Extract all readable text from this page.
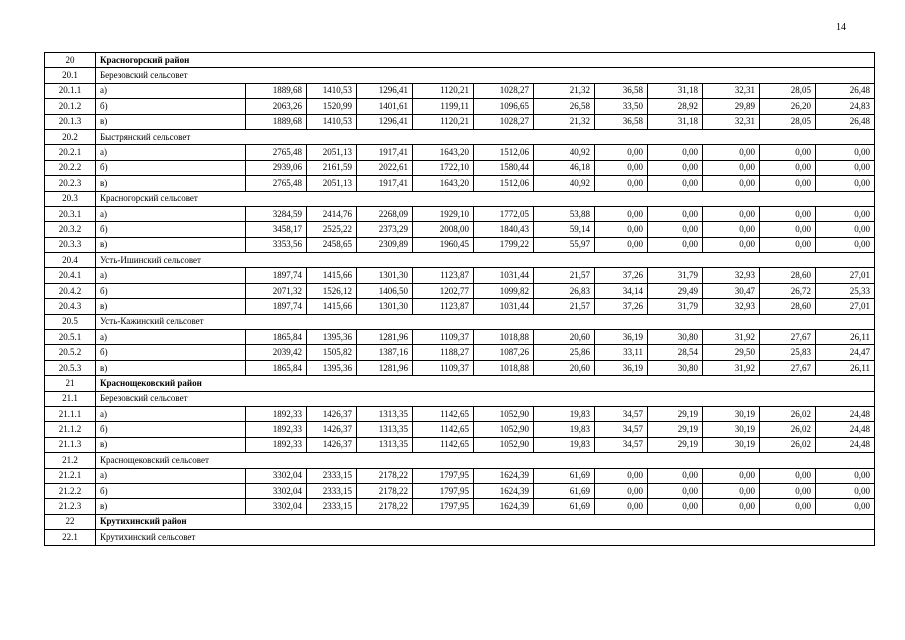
14
20	Красногорский район											
20.1	Березовский сельсовет											
20.1.1	а)	1889,68	1410,53	1296,41	1120,21	1028,27	21,32	36,58	31,18	32,31	28,05	26,48
20.1.2	б)	2063,26	1520,99	1401,61	1199,11	1096,65	26,58	33,50	28,92	29,89	26,20	24,83
20.1.3	в)	1889,68	1410,53	1296,41	1120,21	1028,27	21,32	36,58	31,18	32,31	28,05	26,48
20.2	Быстрянский сельсовет											
20.2.1	а)	2765,48	2051,13	1917,41	1643,20	1512,06	40,92	0,00	0,00	0,00	0,00	0,00
20.2.2	б)	2939,06	2161,59	2022,61	1722,10	1580,44	46,18	0,00	0,00	0,00	0,00	0,00
20.2.3	в)	2765,48	2051,13	1917,41	1643,20	1512,06	40,92	0,00	0,00	0,00	0,00	0,00
20.3	Красногорский сельсовет											
20.3.1	а)	3284,59	2414,76	2268,09	1929,10	1772,05	53,88	0,00	0,00	0,00	0,00	0,00
20.3.2	б)	3458,17	2525,22	2373,29	2008,00	1840,43	59,14	0,00	0,00	0,00	0,00	0,00
20.3.3	в)	3353,56	2458,65	2309,89	1960,45	1799,22	55,97	0,00	0,00	0,00	0,00	0,00
20.4	Усть-Ишинский сельсовет											
20.4.1	а)	1897,74	1415,66	1301,30	1123,87	1031,44	21,57	37,26	31,79	32,93	28,60	27,01
20.4.2	б)	2071,32	1526,12	1406,50	1202,77	1099,82	26,83	34,14	29,49	30,47	26,72	25,33
20.4.3	в)	1897,74	1415,66	1301,30	1123,87	1031,44	21,57	37,26	31,79	32,93	28,60	27,01
20.5	Усть-Кажинский сельсовет											
20.5.1	а)	1865,84	1395,36	1281,96	1109,37	1018,88	20,60	36,19	30,80	31,92	27,67	26,11
20.5.2	б)	2039,42	1505,82	1387,16	1188,27	1087,26	25,86	33,11	28,54	29,50	25,83	24,47
20.5.3	в)	1865,84	1395,36	1281,96	1109,37	1018,88	20,60	36,19	30,80	31,92	27,67	26,11
21	Краснощековский район											
21.1	Березовский сельсовет											
21.1.1	а)	1892,33	1426,37	1313,35	1142,65	1052,90	19,83	34,57	29,19	30,19	26,02	24,48
21.1.2	б)	1892,33	1426,37	1313,35	1142,65	1052,90	19,83	34,57	29,19	30,19	26,02	24,48
21.1.3	в)	1892,33	1426,37	1313,35	1142,65	1052,90	19,83	34,57	29,19	30,19	26,02	24,48
21.2	Краснощековский сельсовет											
21.2.1	а)	3302,04	2333,15	2178,22	1797,95	1624,39	61,69	0,00	0,00	0,00	0,00	0,00
21.2.2	б)	3302,04	2333,15	2178,22	1797,95	1624,39	61,69	0,00	0,00	0,00	0,00	0,00
21.2.3	в)	3302,04	2333,15	2178,22	1797,95	1624,39	61,69	0,00	0,00	0,00	0,00	0,00
22	Крутихинский район											
22.1	Крутихинский сельсовет											
